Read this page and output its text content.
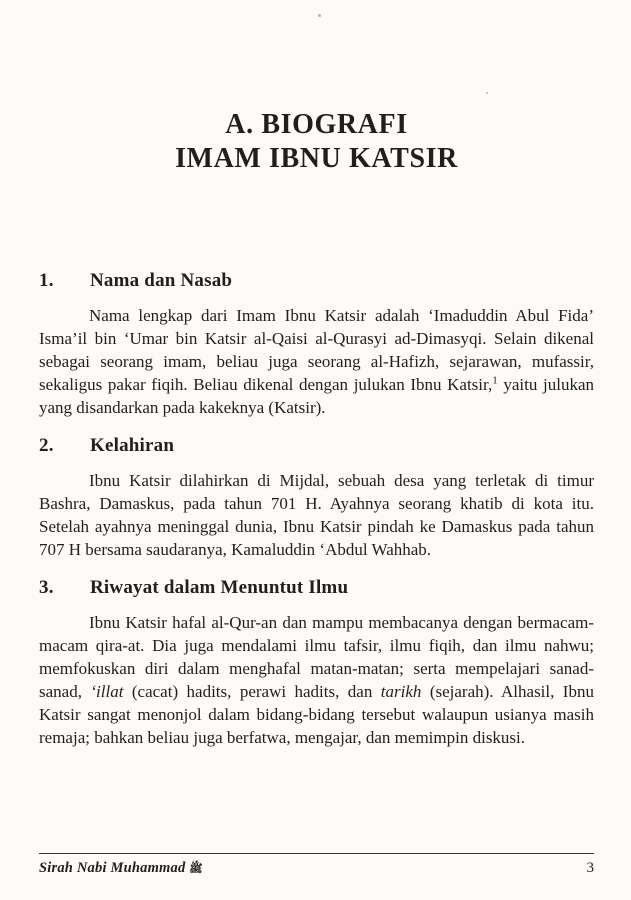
A. BIOGRAFI
IMAM IBNU KATSIR
1. Nama dan Nasab

Nama lengkap dari Imam Ibnu Katsir adalah ‘Imaduddin Abul Fida’ Isma’il bin ‘Umar bin Katsir al-Qaisi al-Qurasyi ad-Dimasyqi. Selain dikenal sebagai seorang imam, beliau juga seorang al-Hafizh, sejarawan, mufassir, sekaligus pakar fiqih. Beliau dikenal dengan julukan Ibnu Katsir,$^1$ yaitu julukan yang disandarkan pada kakeknya (Katsir).

2. Kelahiran

Ibnu Katsir dilahirkan di Mijdal, sebuah desa yang terletak di timur Bashra, Damaskus, pada tahun 701 H. Ayahnya seorang khatib di kota itu. Setelah ayahnya meninggal dunia, Ibnu Katsir pindah ke Damaskus pada tahun 707 H bersama saudaranya, Kamaluddin ‘Abdul Wahhab.

3. Riwayat dalam Menuntut Ilmu

Ibnu Katsir hafal al-Qur-an dan mampu membacanya dengan bermacam-macam qira-at. Dia juga mendalami ilmu tafsir, ilmu fiqih, dan ilmu nahwu; memfokuskan diri dalam menghafal matan-matan; serta mempelajari sanad-sanad, ‘illat (cacat) hadits, perawi hadits, dan tarikh (sejarah). Alhasil, Ibnu Katsir sangat menonjol dalam bidang-bidang tersebut walaupun usianya masih remaja; bahkan beliau juga berfatwa, mengajar, dan memimpin diskusi.

Sirah Nabi Muhammad ﷺ	3
